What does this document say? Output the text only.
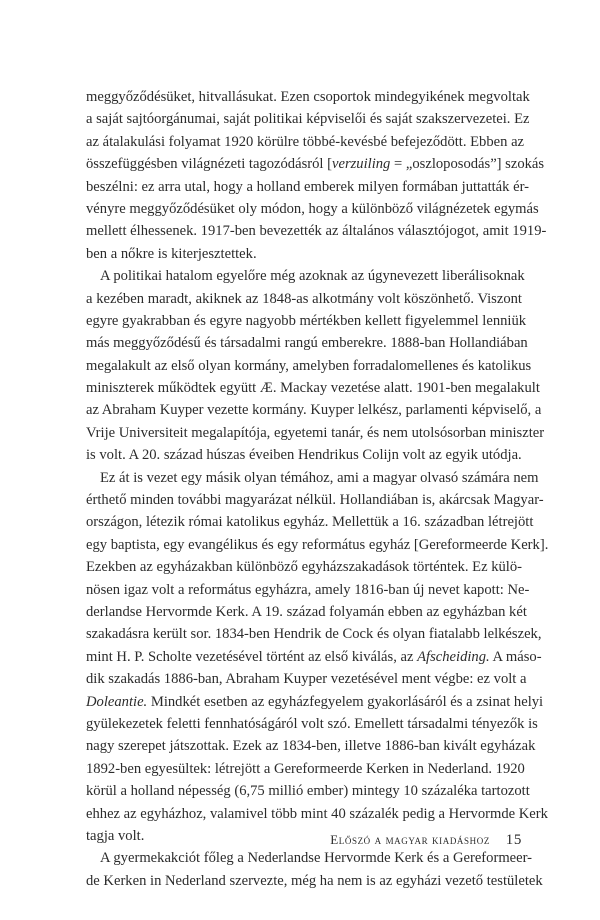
meggyőződésüket, hitvallásukat. Ezen csoportok mindegyikének megvoltak
a saját sajtóorgánumai, saját politikai képviselői és saját szakszervezetei. Ez
az átalakulási folyamat 1920 körülre többé-kevésbé befejeződött. Ebben az
összefüggésben világnézeti tagozódásról [verzuiling = „oszloposodás”] szokás
beszélni: ez arra utal, hogy a holland emberek milyen formában juttatták ér-
vényre meggyőződésüket oly módon, hogy a különböző világnézetek egymás
mellett élhessenek. 1917-ben bevezették az általános választójogot, amit 1919-
ben a nőkre is kiterjesztettek.
A politikai hatalom egyelőre még azoknak az úgynevezett liberálisoknak
a kezében maradt, akiknek az 1848-as alkotmány volt köszönhető. Viszont
egyre gyakrabban és egyre nagyobb mértékben kellett figyelemmel lenniük
más meggyőződésű és társadalmi rangú emberekre. 1888-ban Hollandiában
megalakult az első olyan kormány, amelyben forradalomellenes és katolikus
miniszterek működtek együtt Æ. Mackay vezetése alatt. 1901-ben megalakult
az Abraham Kuyper vezette kormány. Kuyper lelkész, parlamenti képviselő, a
Vrije Universiteit megalapítója, egyetemi tanár, és nem utolsósorban miniszter
is volt. A 20. század húszas éveiben Hendrikus Colijn volt az egyik utódja.
Ez át is vezet egy másik olyan témához, ami a magyar olvasó számára nem
érthető minden további magyarázat nélkül. Hollandiában is, akárcsak Magyar-
országon, létezik római katolikus egyház. Mellettük a 16. században létrejött
egy baptista, egy evangélikus és egy református egyház [Gereformeerde Kerk].
Ezekben az egyházakban különböző egyházszakadások történtek. Ez külö-
nösen igaz volt a református egyházra, amely 1816-ban új nevet kapott: Ne-
derlandse Hervormde Kerk. A 19. század folyamán ebben az egyházban két
szakadásra került sor. 1834-ben Hendrik de Cock és olyan fiatalabb lelkészek,
mint H. P. Scholte vezetésével történt az első kiválás, az Afscheiding. A máso-
dik szakadás 1886-ban, Abraham Kuyper vezetésével ment végbe: ez volt a
Doleantie. Mindkét esetben az egyházfegyelem gyakorlásáról és a zsinat helyi
gyülekezetek feletti fennhatóságáról volt szó. Emellett társadalmi tényezők is
nagy szerepet játszottak. Ezek az 1834-ben, illetve 1886-ban kivált egyházak
1892-ben egyesültek: létrejött a Gereformeerde Kerken in Nederland. 1920
körül a holland népesség (6,75 millió ember) mintegy 10 százaléka tartozott
ehhez az egyházhoz, valamivel több mint 40 százalék pedig a Hervormde Kerk
tagja volt.
A gyermekakciót főleg a Nederlandse Hervormde Kerk és a Gereformeer-
de Kerken in Nederland szervezte, még ha nem is az egyházi vezető testületek
Előszó a magyar kiadáshoz 15
